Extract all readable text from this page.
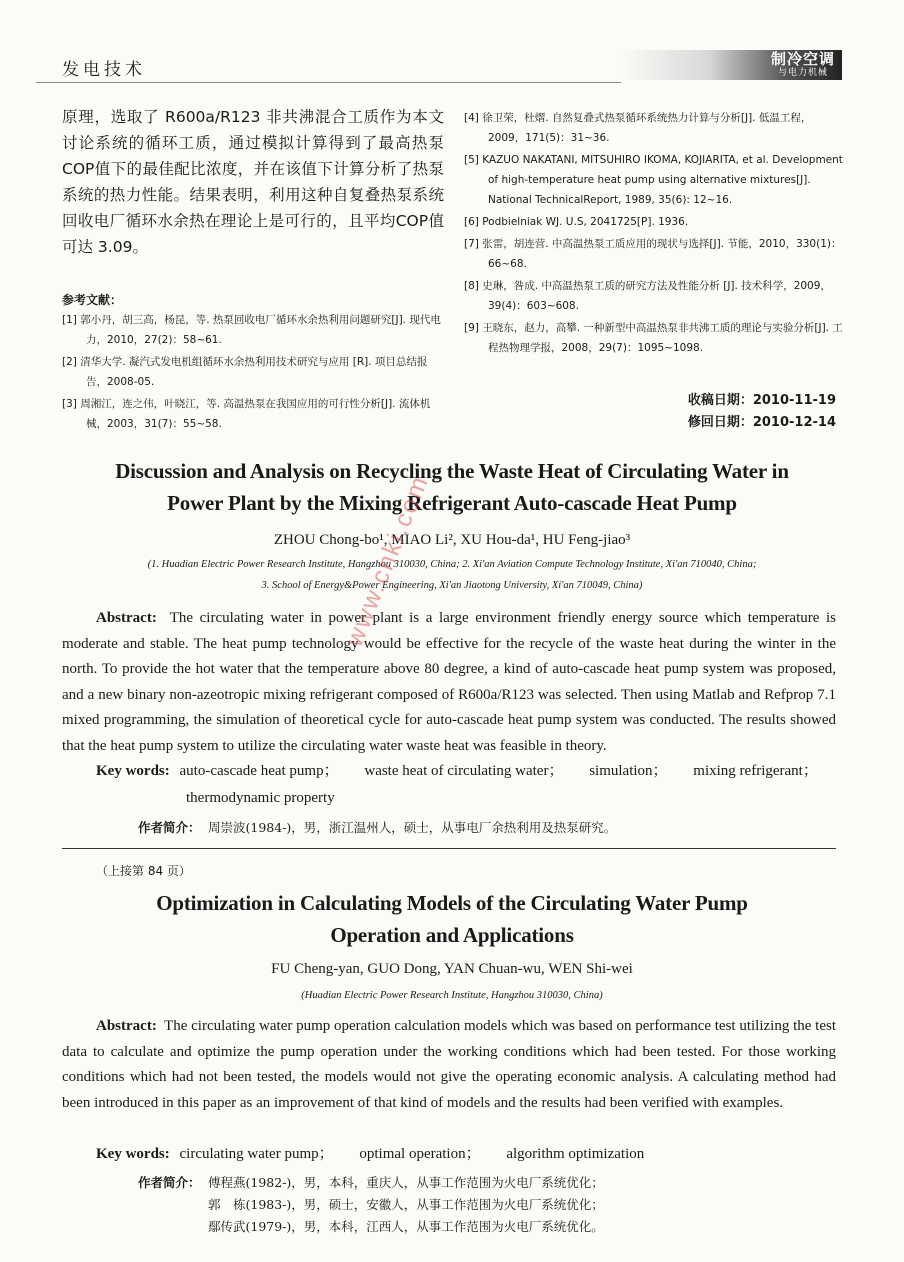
发电技术
制冷空调
与电力机械
原理，选取了 R600a/R123 非共沸混合工质作为本文讨论系统的循环工质，通过模拟计算得到了最高热泵COP值下的最佳配比浓度，并在该值下计算分析了热泵系统的热力性能。结果表明，利用这种自复叠热泵系统回收电厂循环水余热在理论上是可行的，且平均COP值可达 3.09。
参考文献：
[1] 郭小丹，胡三高，杨昆，等. 热泵回收电厂循环水余热利用问题研究[J]. 现代电力，2010，27(2)：58~61.
[2] 清华大学. 凝汽式发电机组循环水余热利用技术研究与应用 [R]. 项目总结报告，2008-05.
[3] 周湘江，连之伟，叶晓江，等. 高温热泵在我国应用的可行性分析[J]. 流体机械，2003，31(7)：55~58.
[4] 徐卫荣，杜熠. 自然复叠式热泵循环系统热力计算与分析[J]. 低温工程，2009，171(5)：31~36.
[5] KAZUO NAKATANI, MITSUHIRO IKOMA, KOJIARITA, et al. Development of high-temperature heat pump using alternative mixtures[J]. National TechnicalReport, 1989, 35(6): 12~16.
[6] Podbielniak WJ. U.S, 2041725[P]. 1936.
[7] 张雷，胡连营. 中高温热泵工质应用的现状与选择[J]. 节能，2010，330(1)：66~68.
[8] 史琳，咎成. 中高温热泵工质的研究方法及性能分析 [J]. 技术科学，2009，39(4)：603~608.
[9] 王晓东，赵力，高攀. 一种新型中高温热泵非共沸工质的理论与实验分析[J]. 工程热物理学报，2008，29(7)：1095~1098.
收稿日期：2010-11-19
修回日期：2010-12-14
Discussion and Analysis on Recycling the Waste Heat of Circulating Water in
Power Plant by the Mixing Refrigerant Auto-cascade Heat Pump
ZHOU Chong-bo¹, MIAO Li², XU Hou-da¹, HU Feng-jiao³
(1. Huadian Electric Power Research Institute, Hangzhou 310030, China; 2. Xi'an Aviation Compute Technology Institute, Xi'an 710040, China;
3. School of Energy&Power Engineering, Xi'an Jiaotong University, Xi'an 710049, China)
Abstract: The circulating water in power plant is a large environment friendly energy source which temperature is moderate and stable. The heat pump technology would be effective for the recycle of the waste heat during the winter in the north. To provide the hot water that the temperature above 80 degree, a kind of auto-cascade heat pump system was proposed, and a new binary non-azeotropic mixing refrigerant composed of R600a/R123 was selected. Then using Matlab and Refprop 7.1 mixed programming, the simulation of theoretical cycle for auto-cascade heat pump system was conducted. The results showed that the heat pump system to utilize the circulating water waste heat was feasible in theory.
Key words: auto-cascade heat pump； waste heat of circulating water； simulation； mixing refrigerant；
thermodynamic property
作者简介： 周崇波(1984-)，男，浙江温州人，硕士，从事电厂余热利用及热泵研究。
（上接第 84 页）
Optimization in Calculating Models of the Circulating Water Pump
Operation and Applications
FU Cheng-yan, GUO Dong, YAN Chuan-wu, WEN Shi-wei
(Huadian Electric Power Research Institute, Hangzhou 310030, China)
Abstract: The circulating water pump operation calculation models which was based on performance test utilizing the test data to calculate and optimize the pump operation under the working conditions which had been tested. For those working conditions which had not been tested, the models would not give the operating economic analysis. A calculating method had been introduced in this paper as an improvement of that kind of models and the results had been verified with examples.
Key words: circulating water pump； optimal operation； algorithm optimization
作者简介： 傅程燕(1982-)，男，本科，重庆人，从事工作范围为火电厂系统优化；
郭　栋(1983-)，男，硕士，安徽人，从事工作范围为火电厂系统优化；
鄢传武(1979-)，男，本科，江西人，从事工作范围为火电厂系统优化。
www.cnki.com
